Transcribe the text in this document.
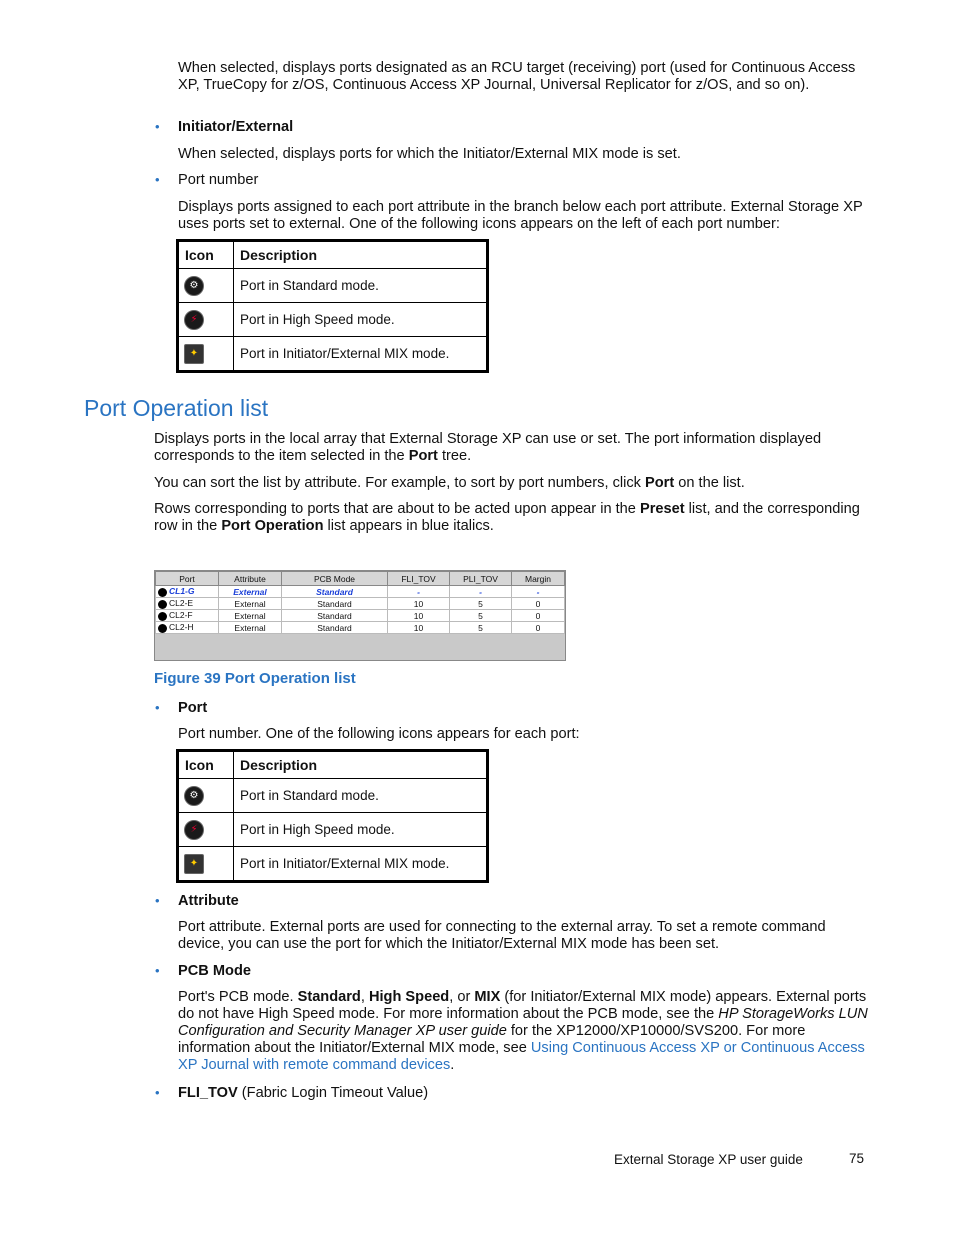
When selected, displays ports designated as an RCU target (receiving) port (used for Continuous Access XP, TrueCopy for z/OS, Continuous Access XP Journal, Universal Replicator for z/OS, and so on).

• Initiator/External

When selected, displays ports for which the Initiator/External MIX mode is set.

• Port number

Displays ports assigned to each port attribute in the branch below each port attribute. External Storage XP uses ports set to external. One of the following icons appears on the left of each port number:

Icon	Description
⚙	Port in Standard mode.
⚡	Port in High Speed mode.
✦	Port in Initiator/External MIX mode.
Port Operation list

Displays ports in the local array that External Storage XP can use or set. The port information displayed corresponds to the item selected in the Port tree.

You can sort the list by attribute. For example, to sort by port numbers, click Port on the list.

Rows corresponding to ports that are about to be acted upon appear in the Preset list, and the corresponding row in the Port Operation list appears in blue italics.

Port	Attribute	PCB Mode	FLI_TOV	PLI_TOV	Margin
CL1-G	External	Standard	-	-	-
CL2-E	External	Standard	10	5	0
CL2-F	External	Standard	10	5	0
CL2-H	External	Standard	10	5	0
Figure 39 Port Operation list
• Port

Port number. One of the following icons appears for each port:

Icon	Description
⚙	Port in Standard mode.
⚡	Port in High Speed mode.
✦	Port in Initiator/External MIX mode.
• Attribute

Port attribute. External ports are used for connecting to the external array. To set a remote command device, you can use the port for which the Initiator/External MIX mode has been set.

• PCB Mode

Port's PCB mode. Standard, High Speed, or MIX (for Initiator/External MIX mode) appears. External ports do not have High Speed mode. For more information about the PCB mode, see the HP StorageWorks LUN Configuration and Security Manager XP user guide for the XP12000/XP10000/SVS200. For more information about the Initiator/External MIX mode, see Using Continuous Access XP or Continuous Access XP Journal with remote command devices.

• FLI_TOV (Fabric Login Timeout Value)

External Storage XP user guide	75
